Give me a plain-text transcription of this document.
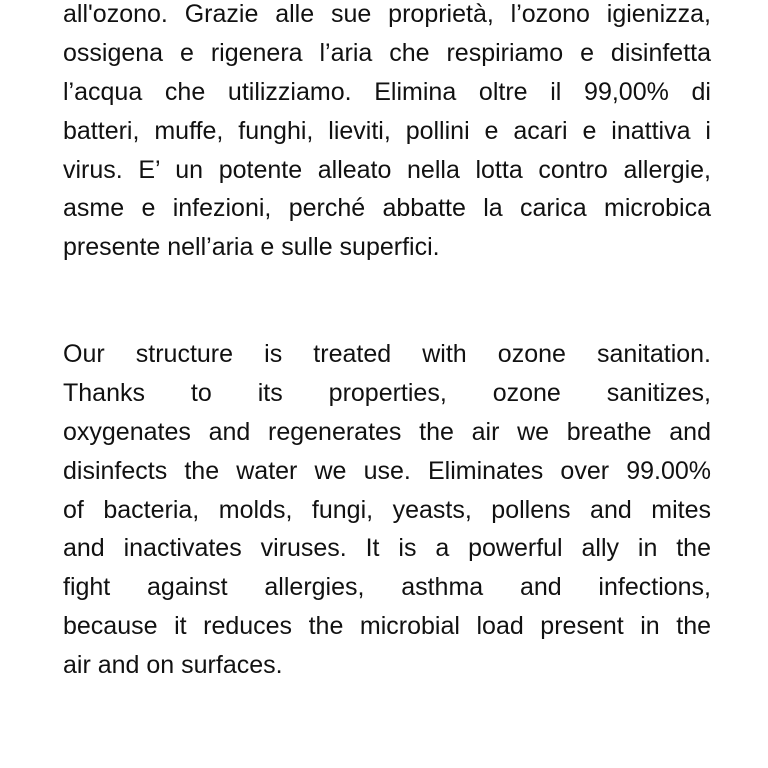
all'ozono. Grazie alle sue proprietà, l’ozono igienizza,
ossigena e rigenera l’aria che respiriamo e disinfetta
l’acqua che utilizziamo. Elimina oltre il 99,00% di
batteri, muffe, funghi, lieviti, pollini e acari e inattiva i
virus. E’ un potente alleato nella lotta contro allergie,
asme e infezioni, perché abbatte la carica microbica
presente nell’aria e sulle superfici.

Our structure is treated with ozone sanitation.
Thanks to its properties, ozone sanitizes,
oxygenates and regenerates the air we breathe and
disinfects the water we use. Eliminates over 99.00%
of bacteria, molds, fungi, yeasts, pollens and mites
and inactivates viruses. It is a powerful ally in the
fight against allergies, asthma and infections,
because it reduces the microbial load present in the
air and on surfaces.
